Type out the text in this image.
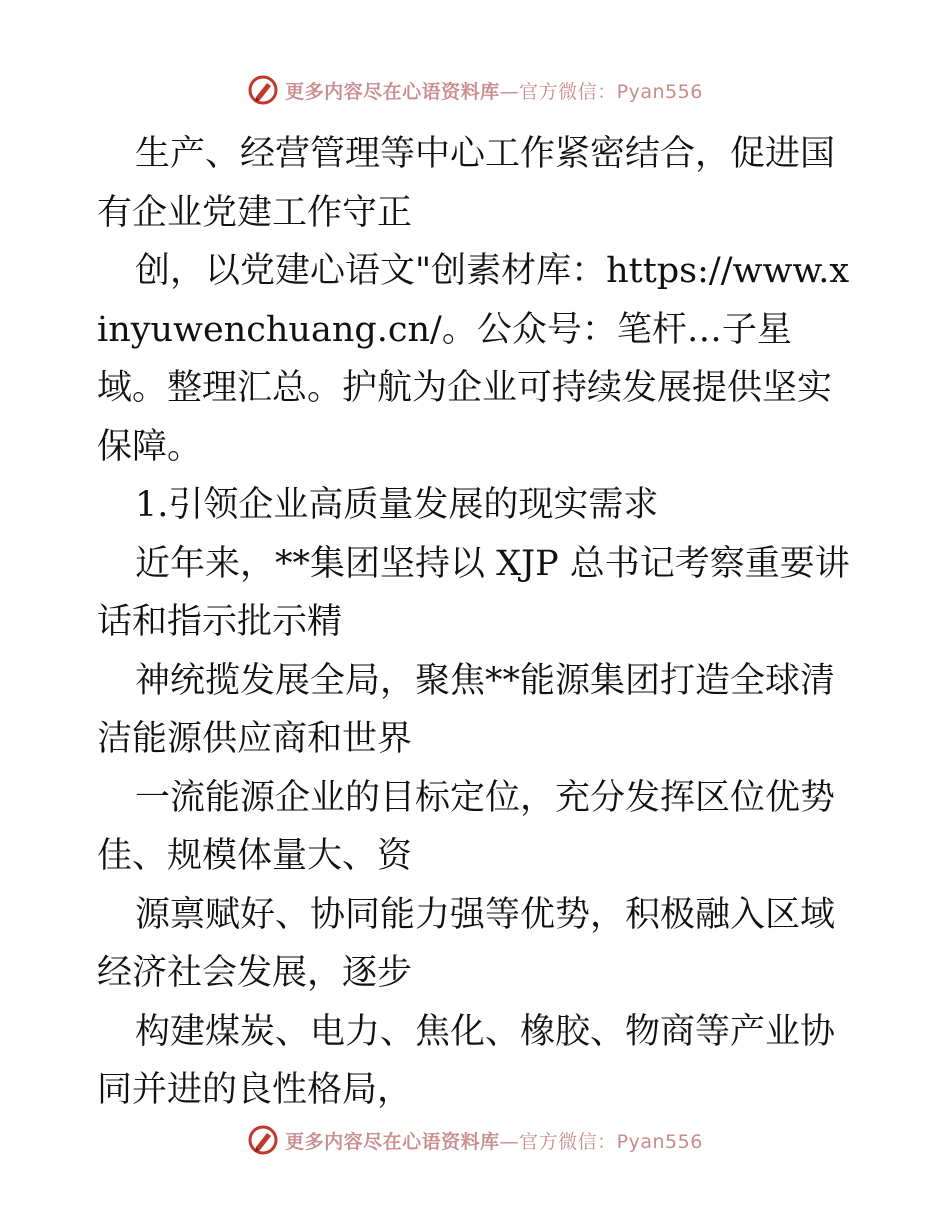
更多内容尽在心语资料库 —官方微信：Pyan556

生产、经营管理等中心工作紧密结合，促进国有企业党建工作守正

创，以党建心语文"创素材库：https://www.xinyuwenchuang.cn/。公众号：笔杆…子星域。整理汇总。护航为企业可持续发展提供坚实保障。

1.引领企业高质量发展的现实需求

近年来，**集团坚持以 XJP 总书记考察重要讲话和指示批示精

神统揽发展全局，聚焦**能源集团打造全球清洁能源供应商和世界

一流能源企业的目标定位，充分发挥区位优势佳、规模体量大、资

源禀赋好、协同能力强等优势，积极融入区域经济社会发展，逐步

构建煤炭、电力、焦化、橡胶、物商等产业协同并进的良性格局，

更多内容尽在心语资料库 —官方微信：Pyan556
